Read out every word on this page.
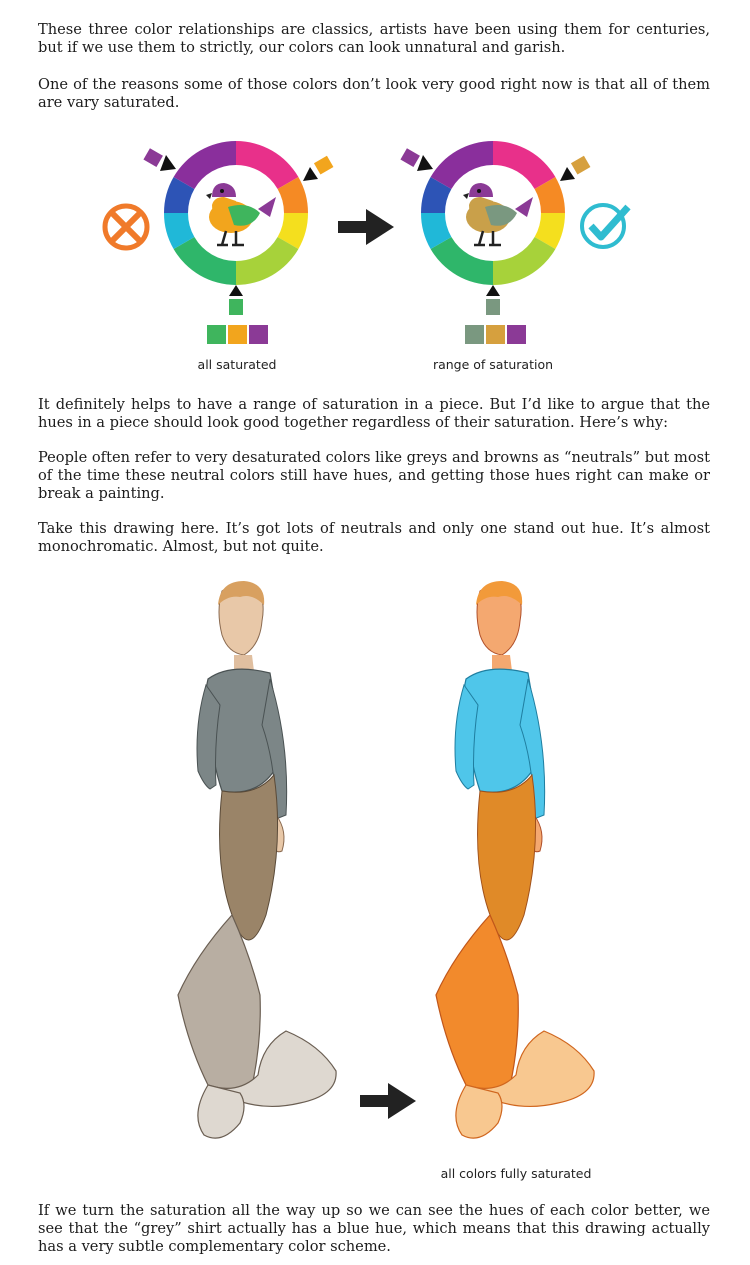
These three color relationships are classics, artists have been using them for centuries, but if we use them to strictly, our colors can look unnatural and garish.

One of the reasons some of those colors don’t look very good right now is that all of them are vary saturated.

all saturated	range of saturation

It definitely helps to have a range of saturation in a piece. But I’d like to argue that the hues in a piece should look good together regardless of their saturation. Here’s why:

People often refer to very desaturated colors like greys and browns as “neutrals” but most of the time these neutral colors still have hues, and getting those hues right can make or break a painting.

Take this drawing here. It’s got lots of neutrals and only one stand out hue. It’s almost monochromatic. Almost, but not quite.

all colors fully saturated

If we turn the saturation all the way up so we can see the hues of each color better, we see that the “grey” shirt actually has a blue hue, which means that this drawing actually has a very subtle complementary color scheme.
